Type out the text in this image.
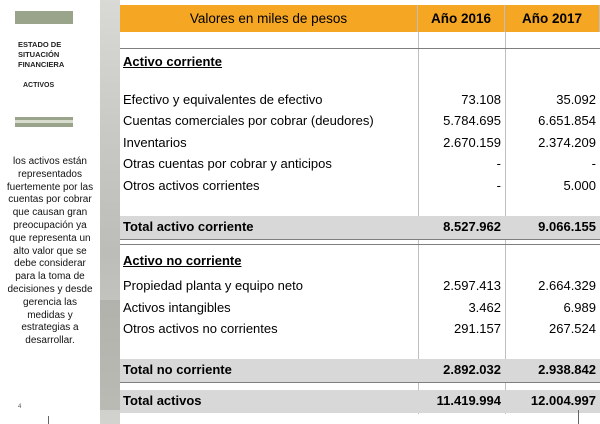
ESTADO DE SITUACIÓN FINANCIERA
ACTIVOS
los activos están representados fuertemente por las cuentas por cobrar que causan gran preocupación ya que representa un alto valor que se debe considerar para la toma de decisiones y desde gerencia las medidas y estrategias a desarrollar.
4
Valores en miles de pesos	Año 2016	Año 2017
Activo corriente
Efectivo y equivalentes de efectivo	73.108	35.092
Cuentas comerciales por cobrar (deudores)	5.784.695	6.651.854
Inventarios	2.670.159	2.374.209
Otras cuentas por cobrar y anticipos	-	-
Otros activos corrientes	-	5.000
Total activo corriente	8.527.962	9.066.155
Activo no corriente
Propiedad planta y equipo neto	2.597.413	2.664.329
Activos intangibles	3.462	6.989
Otros activos no corrientes	291.157	267.524
Total no corriente	2.892.032	2.938.842
Total activos	11.419.994	12.004.997
